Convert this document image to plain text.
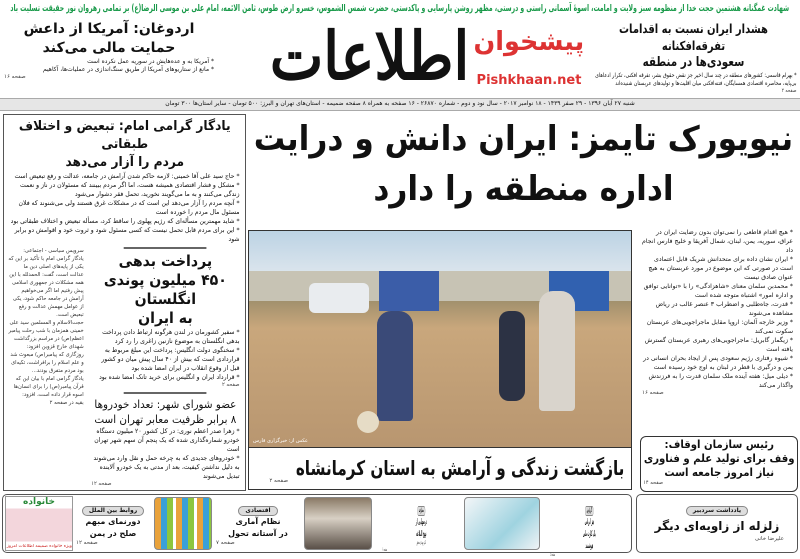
شهادت غمگنانه هشتمین حجت خدا از منظومه سبز ولایت و امامت، اسوهٔ آسمانی راستی و درستی، مظهر روشن پارسایی و پاکدستی، حضرت شمس الشموس، خسرو ارض طوس، ثامن الائمه، امام علی بن موسی الرضا(ع) بر تمامی رهروان نور حقیقت تسلیت باد
اردوغان: آمریکا از داعش
حمایت مالی می‌کند
* آمریکا به و عده‌هایش در سوریه عمل نکرده است
* مانع از ستاریوهای آمریکا از طریق سنگ‌اندازی در عملیات‌ها، آکاهیم
صفحه ۱۶	اطلاعات پیشخوان
Pishkhaan.net
هشدار ایران نسبت به اقدامات تفرقه‌افکنانه
سعودی‌ها در منطقه
* بهرام قاسمی: کشورهای منطقه در چند سال اخیر جز نقض حقوق بشر، تفرقه افکنی، تکرار ادعاهای
بی‌پایه، محاصره اقتصادی همسایگان، فتنه‌افکنی میان اقلیت‌ها و تولیدهای عربستان شنیده‌اند
صفحه ۲
شنبه ۲۷ آبان ۱۳۹۶ - ۲۹ صفر ۱۴۳۹ - ۱۸ نوامبر ۲۰۱۷ - سال نود و دوم - شماره ۲۶۸۷۰ - ۱۶ صفحه به همراه ۸ صفحه ضمیمه - استان‌های تهران و البرز: ۵۰۰ تومان - سایر استان‌ها ۳۰۰ تومان
نیویورک تایمز: ایران دانش و درایت
اداره منطقه را دارد
یادگار گرامی امام: تبعیض و اختلاف طبقاتی
مردم را آزار می‌دهد
* حاج سید علی آقا خمینی: لازمه حاکم شدن آرامش در جامعه، عدالت و رفع تبعیض است
* مشکل و فشار اقتصادی همیشه هست، اما اگر مردم ببینند که مسئولان در ناز و نعمت زندگی می‌کنند و به ما می‌گویند نخورید، تحمل فقر دشوار می‌شود
* آنچه مردم را آزار می‌دهد این است که در مشکلات غرق هستند ولی می‌شنوند که فلان مسئول مال مردم را خورده است
* شاید مهمترین مسأله‌ای که رژیم پهلوی را ساقط کرد، مسأله تبعیض و اختلاف طبقاتی بود
* این برای مردم قابل تحمل نیست که کسی مسئول شود و ثروت خود و اقوامش دو برابر شود
پرداخت بدهی
۴۵۰ میلیون پوندی انگلستان
به ایران
* سفیر کشورمان در لندن هرگونه ارتباط دادن پرداخت بدهی انگلستان به موضوع نازنین زاغری را رد کرد
* سخنگوی دولت انگلیس: پرداخت این مبلغ مربوط به قراردادی است که بیش از ۴۰ سال پیش میان دو کشور قبل از وقوع انقلاب در ایران امضا شده بود
* قرارداد ایران و انگلیس برای خرید تانک امضا شده بود
صفحه ۲
عضو شورای شهر: تعداد خودروها
۸ برابر ظرفیت معابر تهران است
* زهرا صدر اعظم نوری: در کل کشور ۲۰ میلیون دستگاه خودرو شماره‌گذاری شده که یک پنجم آن سهم شهر تهران است
* خودروهای جدیدی که به چرخه حمل و نقل وارد می‌شوند به دلیل نداشتن کیفیت، بعد از مدتی به یک خودرو آلاینده تبدیل می‌شوند
صفحه ۱۲
سرویس سیاسی - اجتماعی:
یادگار گرامی امام با تأکید بر این که یکی از پایه‌های اصلی دین ما عدالت است، گفت: الحمدلله با این همه مشکلات در جمهوری اسلامی پیش رفتیم اما اگر می‌خواهیم آرامش در جامعه حاکم شود، یکی از عوامل مهمش عدالت و رفع تبعیض است.
حجت‌الاسلام و المسلمین سید علی خمینی همزمان با شب رحلت پیامبر اعظم(ص) در مراسم بزرگداشت شهدای خارج قزوین افزود: روزگاری که پیامبر(ص) مبعوث شد و علم اسلام را برافراشت، تکیه‌ای بود مردم متفرق بودند...
یادگار گرامی امام با بیان این که قرآن پیامبر(ص) را برای انسان‌ها اسوه قرار داده است، افزود:
بقیه در صفحه ۲
عکس از: خبرگزاری فارس
بازگشت زندگی و آرامش به استان کرمانشاه
صفحه ۲
* هیچ اقدام قاطعی را نمی‌توان بدون رضایت ایران در عراق، سوریه، یمن، لبنان، شمال آفریقا و خلیج فارس انجام داد
* ایران نشان داده برای متحدانش شریک قابل اعتمادی است در صورتی که این موضوع در مورد عربستان به هیچ عنوان صادق نیست
* محمدبن سلمان معنای «شاهزادگی» را با «توانایی توافق و اداره امور» اشتباه متوجه شده است
* قدرت، جاه‌طلبی و اضطراب ۳ عنصر غالب در ریاض مشاهده می‌شوند
* وزیر خارجه آلمان: اروپا مقابل ماجراجویی‌های عربستان سکوت نمی‌کند
* زیگمار گابریل: ماجراجویی‌های رهبری عربستان گسترش یافته است
* شیوه رفتاری رژیم سعودی پس از ایجاد بحران انسانی در یمن و درگیری با قطر در لبنان به اوج خود رسیده است
* دیلی میل: هفته آینده ملک سلمان قدرت را به فرزندش واگذار می‌کند
صفحه ۱۶
رئیس سازمان اوقاف:
وقف برای تولید علم و فناوری
نیاز امروز جامعه است
صفحه ۱۴
یادداشت سردبیر
زلزله از زاویه‌ای دیگر
علیرضا خانی
گزارش
هر ایرانی
یک کارت ملی
هوشمند
صفحه ۵
معارف
درسهایی از
نهج البلاغه
دکتر مهدی محقق
صفحه ۶
اقتصادی
نظام آماری
در آستانه تحول
صفحه ۷
روابط بین الملل
دورنمای مبهم
صلح در یمن
صفحه ۱۲
خانواده
ویژه خانواده ضمیمه اطلاعات امروز
